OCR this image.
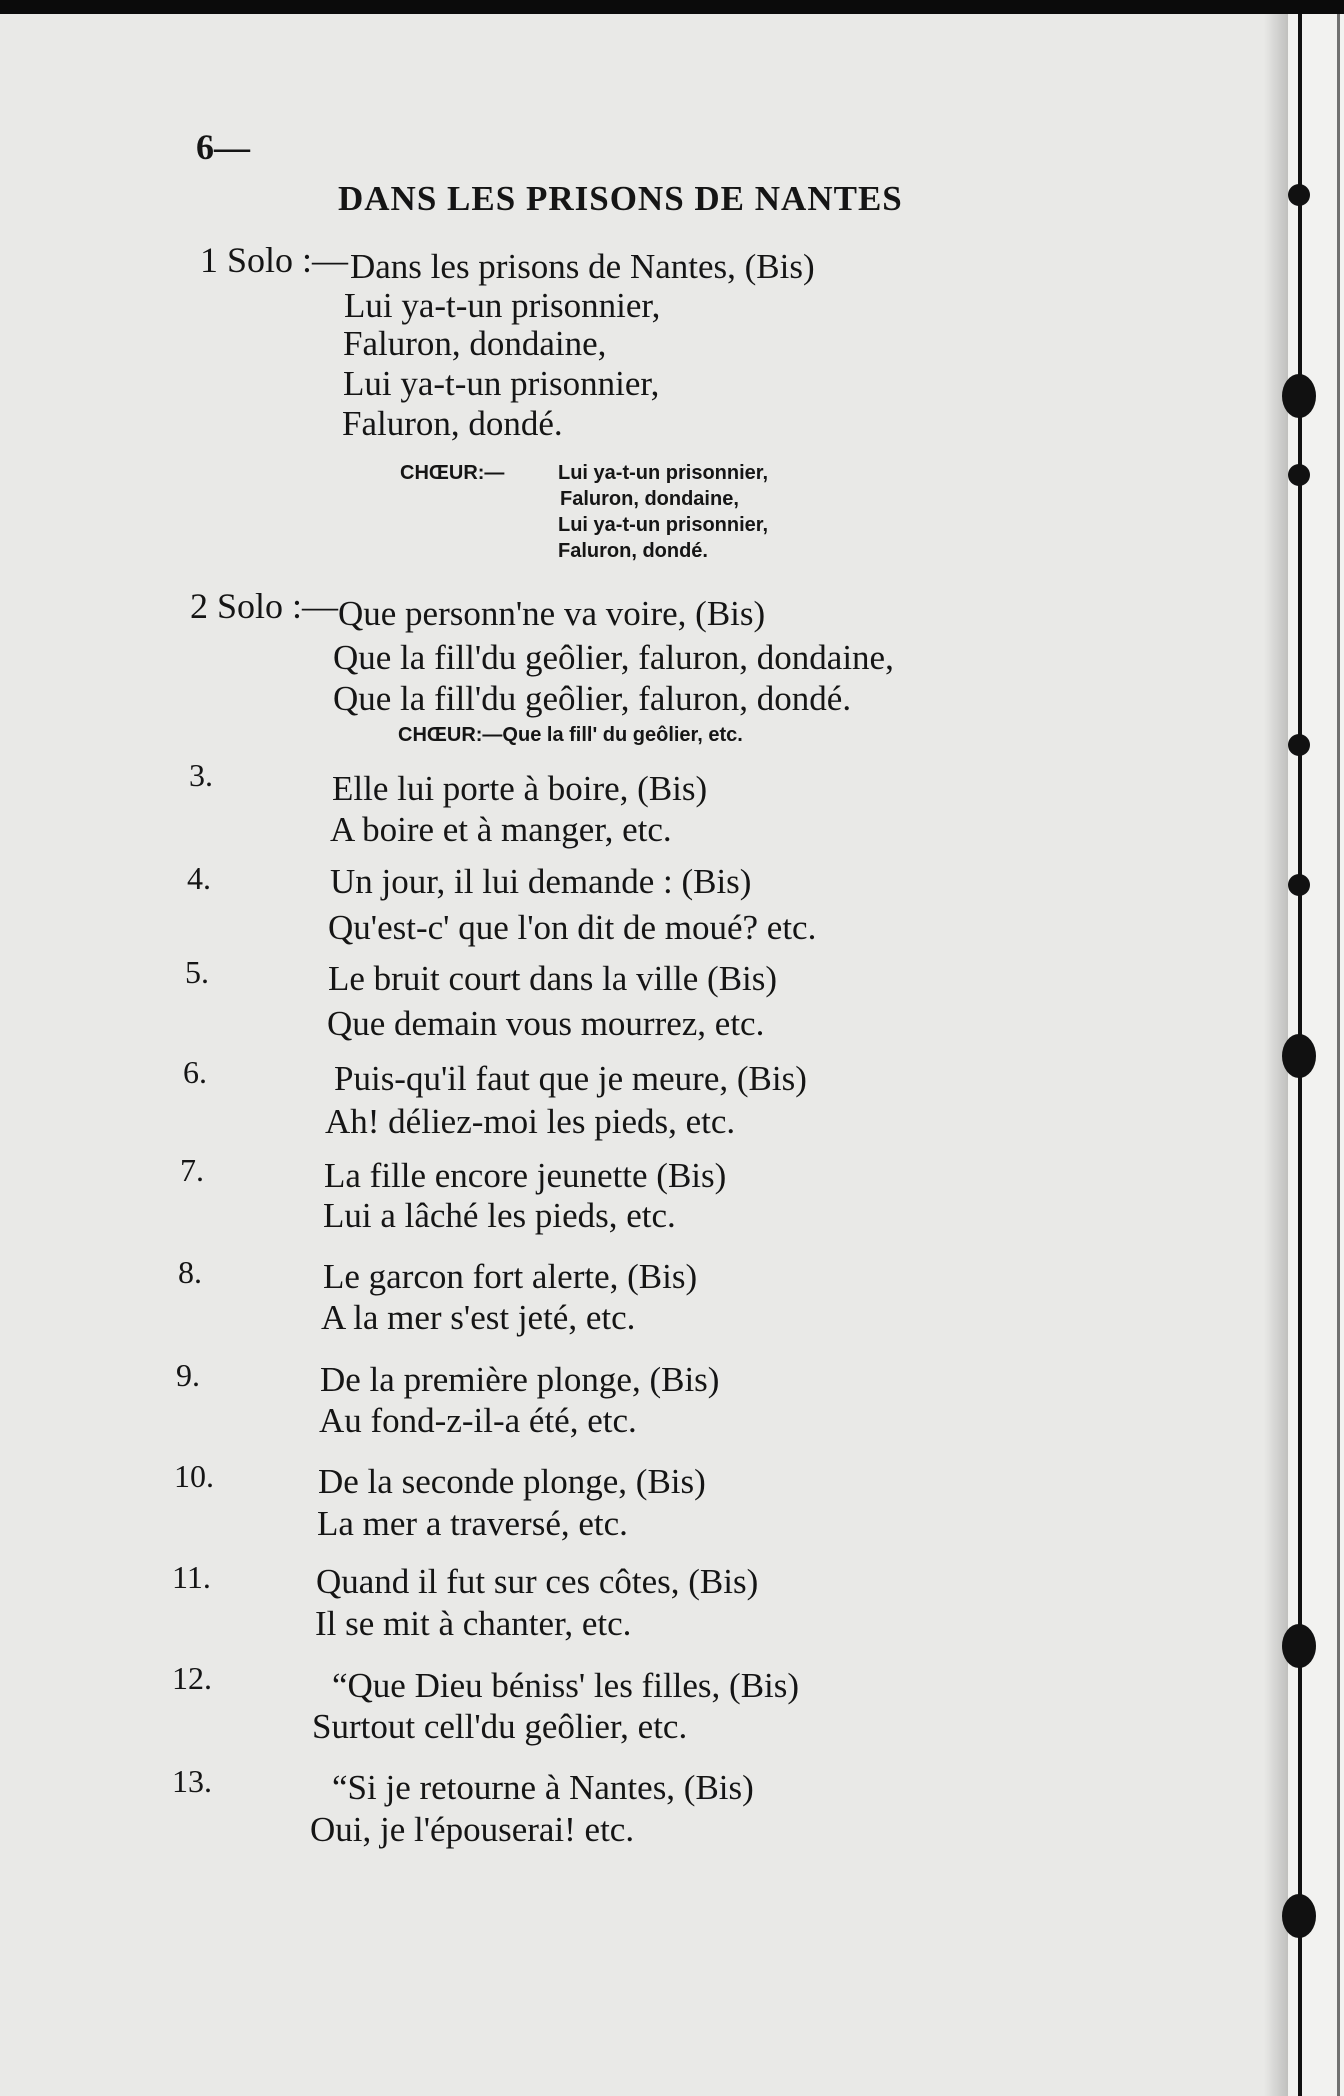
6—
DANS LES PRISONS DE NANTES
1 Solo :— Dans les prisons de Nantes, (Bis)
Lui ya-t-un prisonnier,
Faluron, dondaine,
Lui ya-t-un prisonnier,
Faluron, dondé.
CHŒUR:—	Lui ya-t-un prisonnier,
Faluron, dondaine,
Lui ya-t-un prisonnier,
Faluron, dondé.
2 Solo :— Que personn'ne va voire, (Bis)
Que la fill'du geôlier, faluron, dondaine,
Que la fill'du geôlier, faluron, dondé.
CHŒUR:—Que la fill' du geôlier, etc.
3.	Elle lui porte à boire, (Bis)
A boire et à manger, etc.
4.	Un jour, il lui demande : (Bis)
Qu'est-c' que l'on dit de moué? etc.
5.	Le bruit court dans la ville (Bis)
Que demain vous mourrez, etc.
6.	Puis-qu'il faut que je meure, (Bis)
Ah! déliez-moi les pieds, etc.
7.	La fille encore jeunette (Bis)
Lui a lâché les pieds, etc.
8.	Le garcon fort alerte, (Bis)
A la mer s'est jeté, etc.
9.	De la première plonge, (Bis)
Au fond-z-il-a été, etc.
10.	De la seconde plonge, (Bis)
La mer a traversé, etc.
11.	Quand il fut sur ces côtes, (Bis)
Il se mit à chanter, etc.
12.	“Que Dieu béniss' les filles, (Bis)
Surtout cell'du geôlier, etc.
13.	“Si je retourne à Nantes, (Bis)
Oui, je l'épouserai! etc.
